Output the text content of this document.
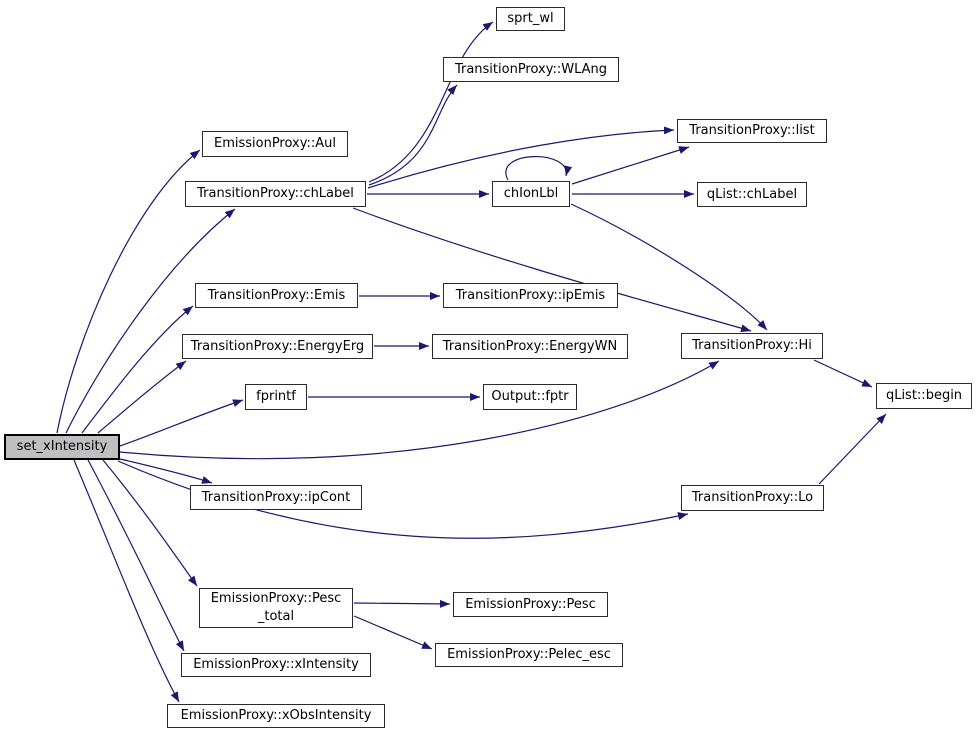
sprt_wl
TransitionProxy::WLAng
EmissionProxy::Aul
TransitionProxy::chLabel
TransitionProxy::list
chIonLbl	qList::chLabel
TransitionProxy::Emis	TransitionProxy::ipEmis
TransitionProxy::EnergyErg	TransitionProxy::EnergyWN
fprintf	Output::fptr
TransitionProxy::Hi
qList::begin
TransitionProxy::Lo
set_xIntensity
TransitionProxy::ipCont
EmissionProxy::Pesc
_total
EmissionProxy::Pesc
EmissionProxy::Pelec_esc
EmissionProxy::xIntensity
EmissionProxy::xObsIntensity
